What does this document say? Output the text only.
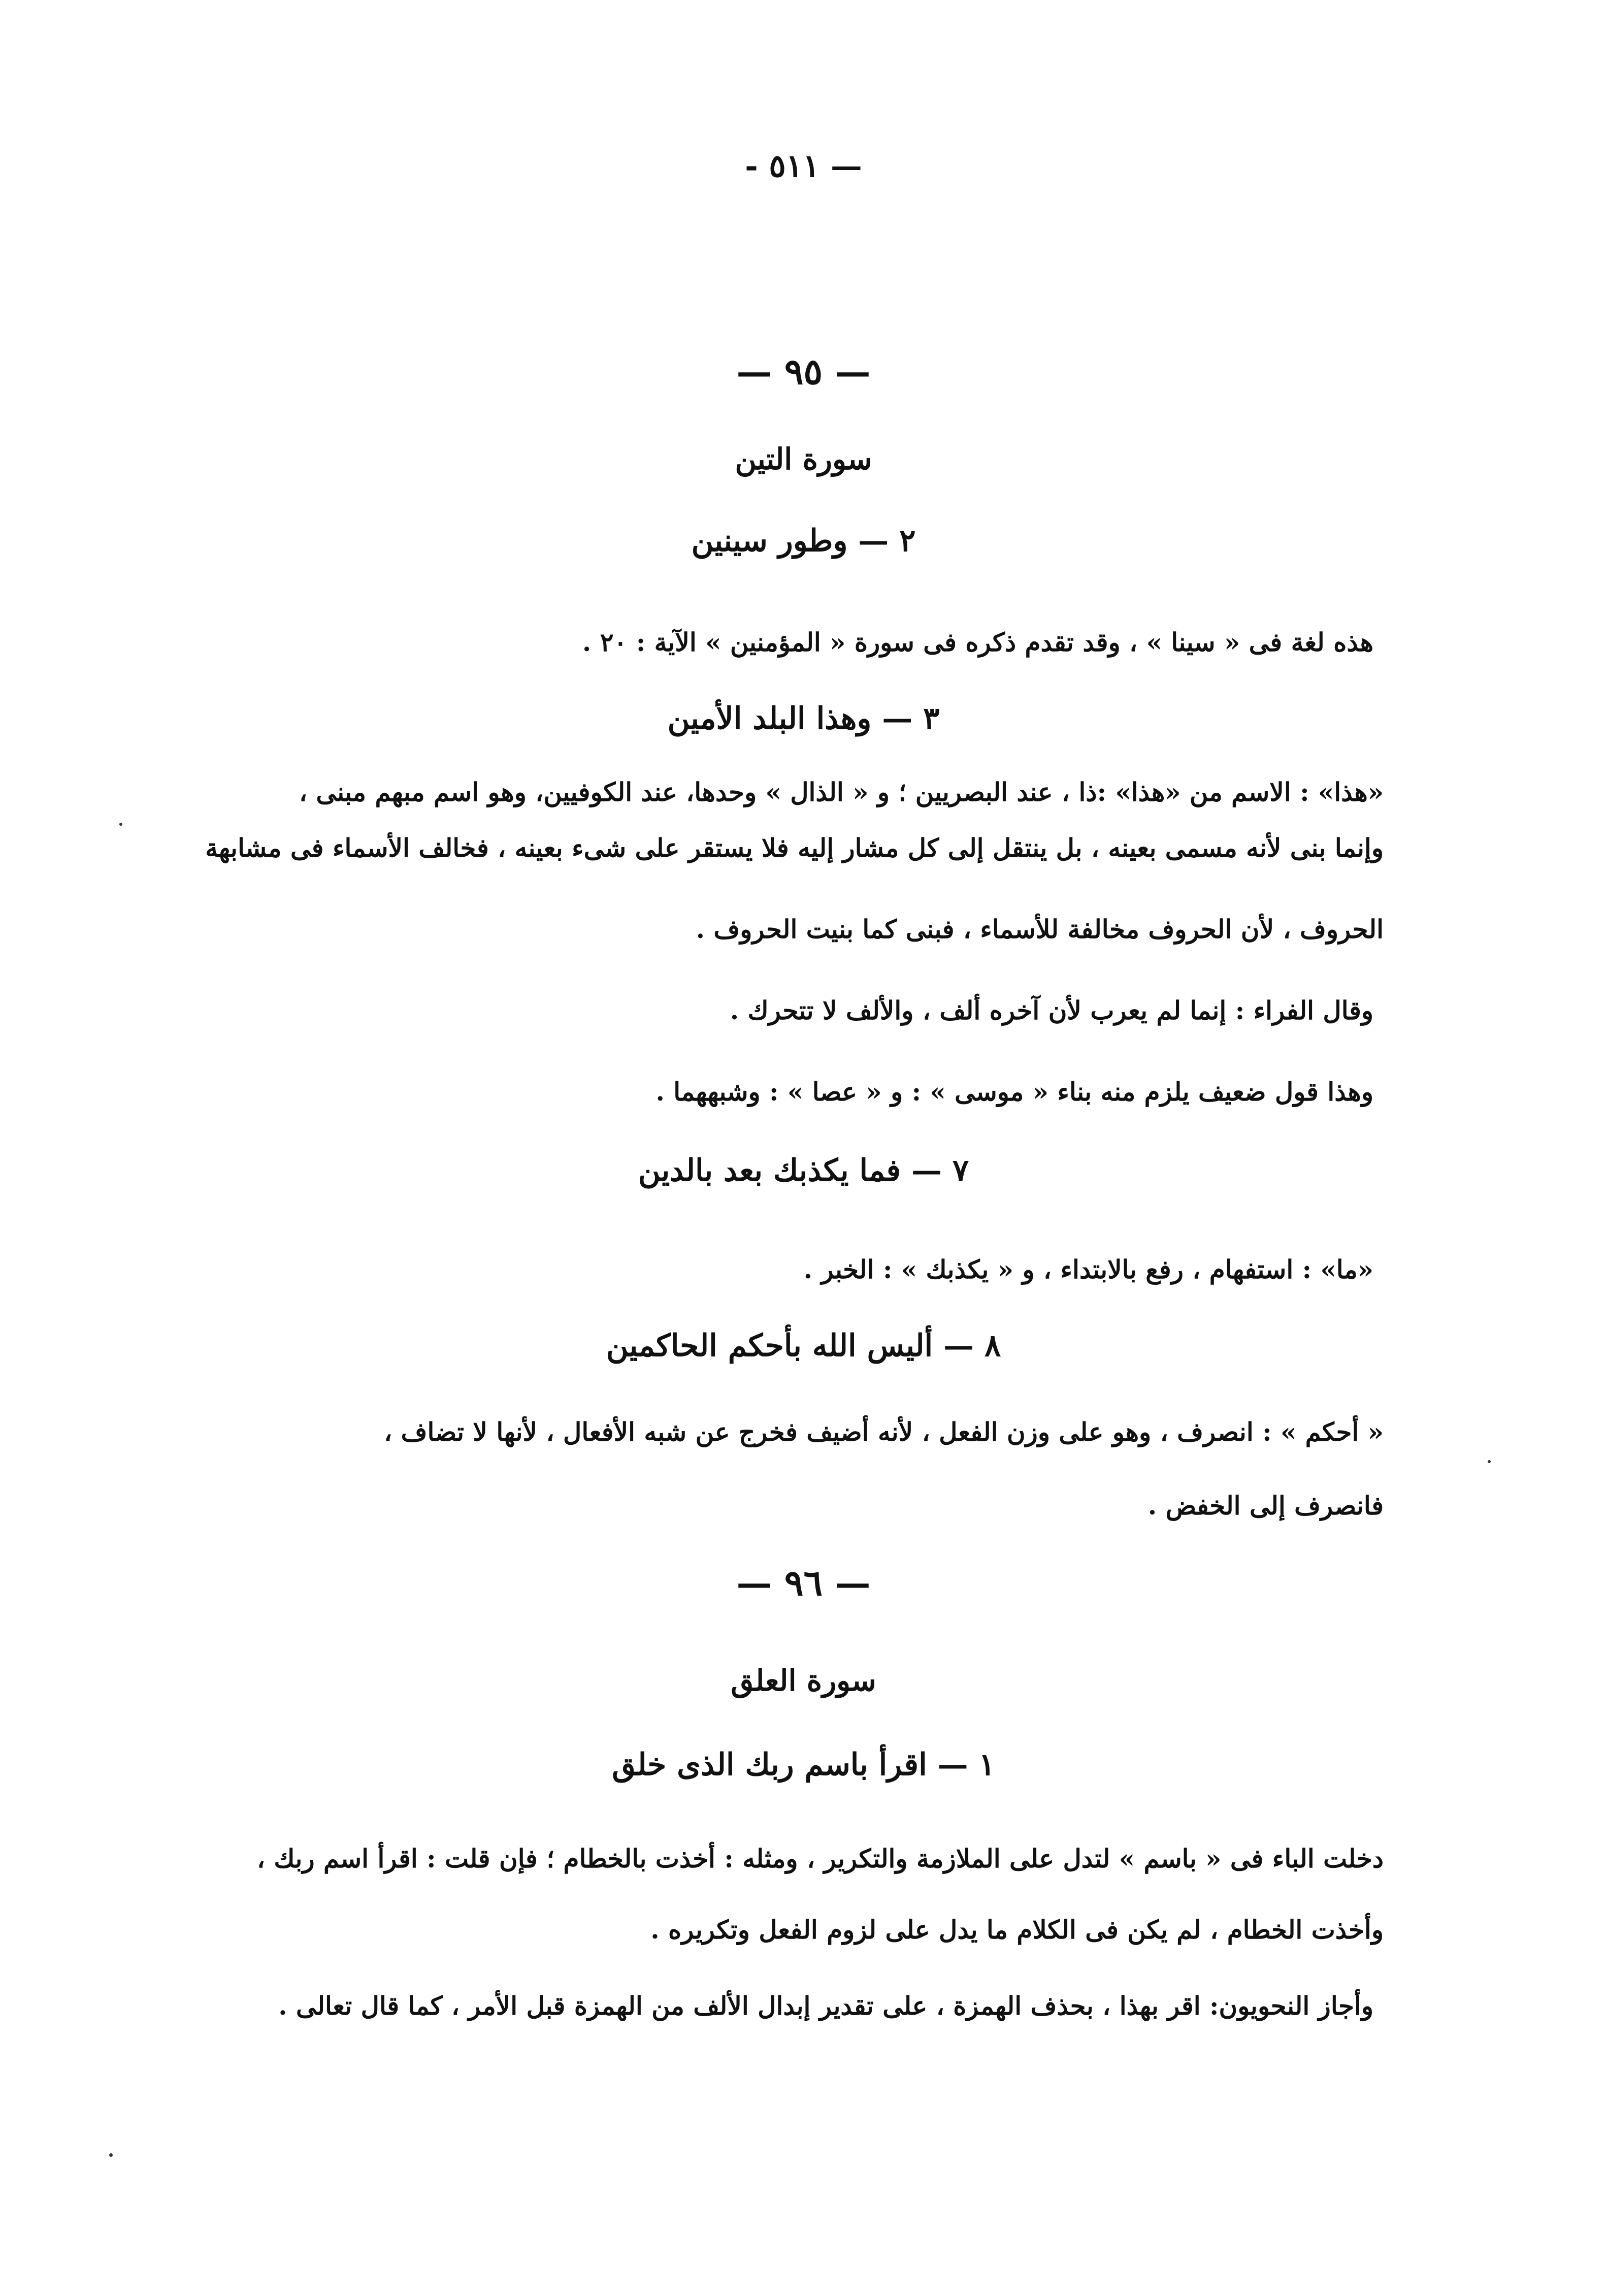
— ٥١١ -
— ٩٥ —
سورة التين
٢ — وطور سينين
هذه لغة فى « سينا » ، وقد تقدم ذكره فى سورة « المؤمنين » الآية : ٢٠ .
٣ — وهذا البلد الأمين
«هذا» : الاسم من «هذا» :ذا ، عند البصريين ؛ و « الذال » وحدها، عند الكوفيين، وهو اسم مبهم مبنى ،
وإنما بنى لأنه مسمى بعينه ، بل ينتقل إلى كل مشار إليه فلا يستقر على شىء بعينه ، فخالف الأسماء فى مشابهة
الحروف ، لأن الحروف مخالفة للأسماء ، فبنى كما بنيت الحروف .
وقال الفراء : إنما لم يعرب لأن آخره ألف ، والألف لا تتحرك .
وهذا قول ضعيف يلزم منه بناء « موسى » : و « عصا » : وشبههما .
٧ — فما يكذبك بعد بالدين
«ما» : استفهام ، رفع بالابتداء ، و « يكذبك » : الخبر .
٨ — أليس الله بأحكم الحاكمين
« أحكم » : انصرف ، وهو على وزن الفعل ، لأنه أضيف فخرج عن شبه الأفعال ، لأنها لا تضاف ،
فانصرف إلى الخفض .
— ٩٦ —
سورة العلق
١ — اقرأ باسم ربك الذى خلق
دخلت الباء فى « باسم » لتدل على الملازمة والتكرير ، ومثله : أخذت بالخطام ؛ فإن قلت : اقرأ اسم ربك ،
وأخذت الخطام ، لم يكن فى الكلام ما يدل على لزوم الفعل وتكريره .
وأجاز النحويون: اقر بهذا ، بحذف الهمزة ، على تقدير إبدال الألف من الهمزة قبل الأمر ، كما قال تعالى .
